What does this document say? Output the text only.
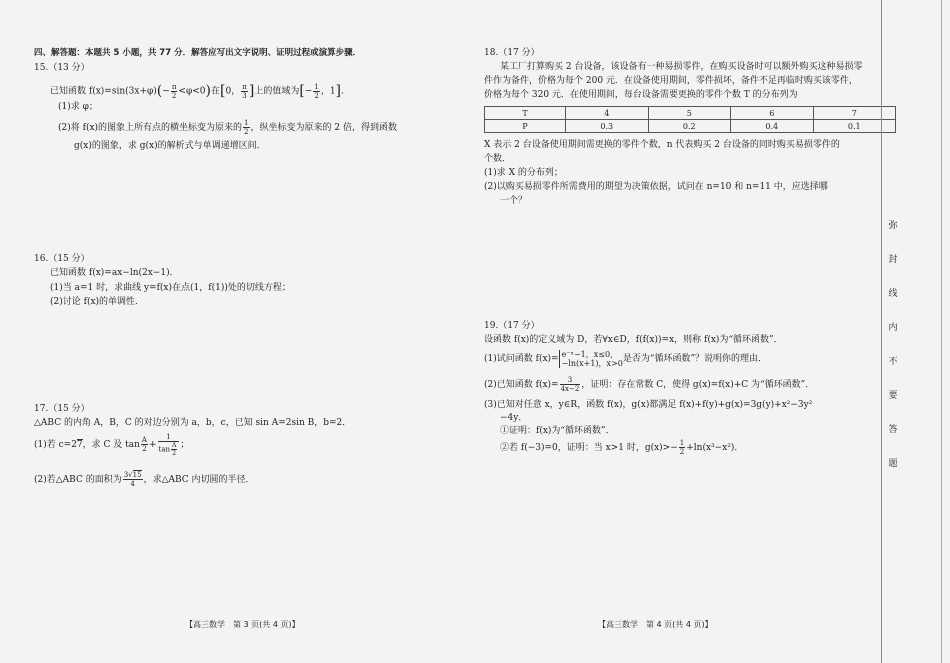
四、解答题：本题共 5 小题，共 77 分．解答应写出文字说明、证明过程或演算步骤．
15.（13 分）
已知函数 $f(x)=\sin(3x+\varphi)(- \frac{\pi}{2} <\varphi<0)$在[0， $\frac{\pi}{3}$ ]上的值域为[− $\frac{1}{2}$ ，1]．
(1)求 φ；
(2)将 f(x)的图象上所有点的横坐标变为原来的 $\frac{1}{2}$ ，纵坐标变为原来的 2 倍，得到函数
g(x)的图象，求 g(x)的解析式与单调递增区间．
16.（15 分）
已知函数 f(x)=ax−ln(2x−1)．
(1)当 a=1 时，求曲线 y=f(x)在点(1，f(1))处的切线方程；
(2)讨论 f(x)的单调性．
17.（15 分）
△ABC 的内角 A，B，C 的对边分别为 a，b，c，已知 sin A=2sin B，b=2．
(1)若 c=27，求 C 及 $\tan \frac{A}{2} + \frac{1}{\tan \frac{A}{2}}$ ；
(2)若△ABC 的面积为 $\frac{3√15}{4}$ ，求△ABC 内切圆的半径．
【高三数学　第 3 页(共 4 页)】
18.（17 分）
某工厂打算购买 2 台设备，该设备有一种易损零件，在购买设备时可以额外购买这种易损零
件作为备件，价格为每个 200 元．在设备使用期间，零件损坏，备件不足再临时购买该零件，
价格为每个 320 元．在使用期间，每台设备需要更换的零件个数 T 的分布列为
T	4	5	6	7
P	0.3	0.2	0.4	0.1
X 表示 2 台设备使用期间需更换的零件个数，n 代表购买 2 台设备的同时购买易损零件的
个数．
(1)求 X 的分布列；
(2)以购买易损零件所需费用的期望为决策依据，试问在 n=10 和 n=11 中，应选择哪
一个？
19.（17 分）
设函数 f(x)的定义域为 D，若∀x∈D，f(f(x))=x，则称 f(x)为“循环函数”．
(1)试问函数 f(x)= e⁻ˣ−1，x≤0，
−ln(x+1)，x>0 是否为“循环函数”？说明你的理由．
(2)已知函数 $f(x)= \frac{3}{4x-2}$ ，证明：存在常数 C，使得 g(x)=f(x)+C 为“循环函数”．
(3)已知对任意 x，y∈R，函数 f(x)，g(x)都满足 f(x)+f(y)+g(x)=3g(y)+x²−3y²
−4y．
①证明：f(x)为“循环函数”．
②若 f(−3)=0，证明：当 x>1 时，$g(x)>- \frac{1}{2} +\ln(x^3-x^2)$．
【高三数学　第 4 页(共 4 页)】
弥
封
线
内
不
要
答
题
